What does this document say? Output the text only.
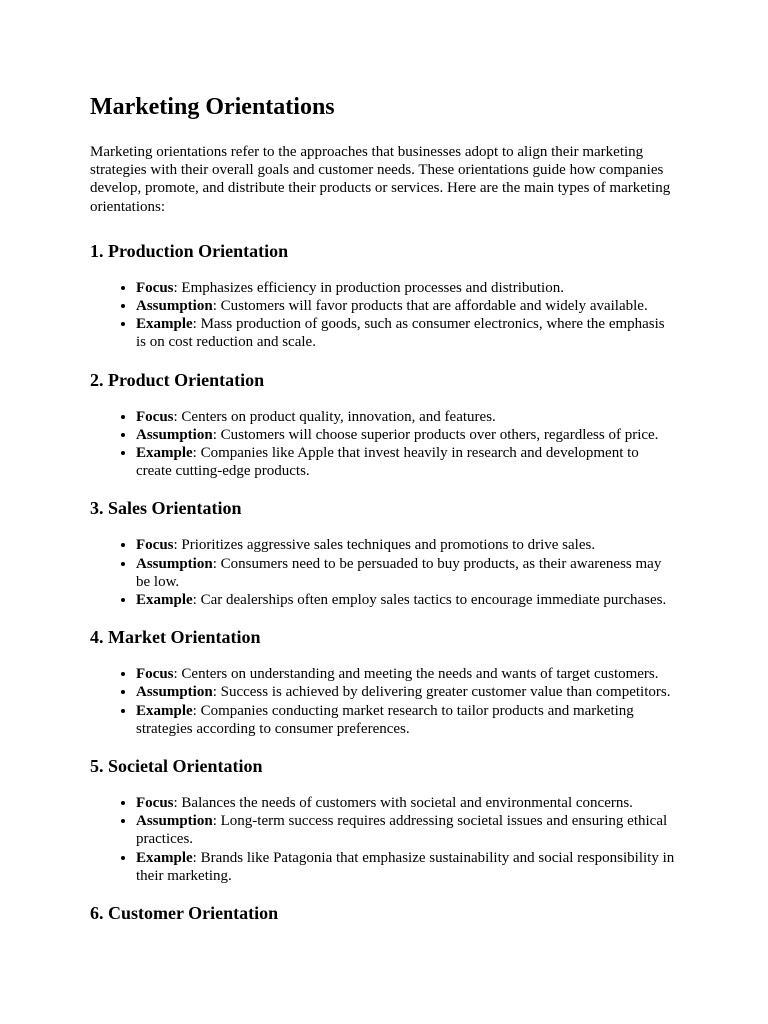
Marketing Orientations

Marketing orientations refer to the approaches that businesses adopt to align their marketing strategies with their overall goals and customer needs. These orientations guide how companies develop, promote, and distribute their products or services. Here are the main types of marketing orientations:

1. Production Orientation
• Focus: Emphasizes efficiency in production processes and distribution.
• Assumption: Customers will favor products that are affordable and widely available.
• Example: Mass production of goods, such as consumer electronics, where the emphasis is on cost reduction and scale.
2. Product Orientation
• Focus: Centers on product quality, innovation, and features.
• Assumption: Customers will choose superior products over others, regardless of price.
• Example: Companies like Apple that invest heavily in research and development to create cutting-edge products.
3. Sales Orientation
• Focus: Prioritizes aggressive sales techniques and promotions to drive sales.
• Assumption: Consumers need to be persuaded to buy products, as their awareness may be low.
• Example: Car dealerships often employ sales tactics to encourage immediate purchases.
4. Market Orientation
• Focus: Centers on understanding and meeting the needs and wants of target customers.
• Assumption: Success is achieved by delivering greater customer value than competitors.
• Example: Companies conducting market research to tailor products and marketing strategies according to consumer preferences.
5. Societal Orientation
• Focus: Balances the needs of customers with societal and environmental concerns.
• Assumption: Long-term success requires addressing societal issues and ensuring ethical practices.
• Example: Brands like Patagonia that emphasize sustainability and social responsibility in their marketing.
6. Customer Orientation
